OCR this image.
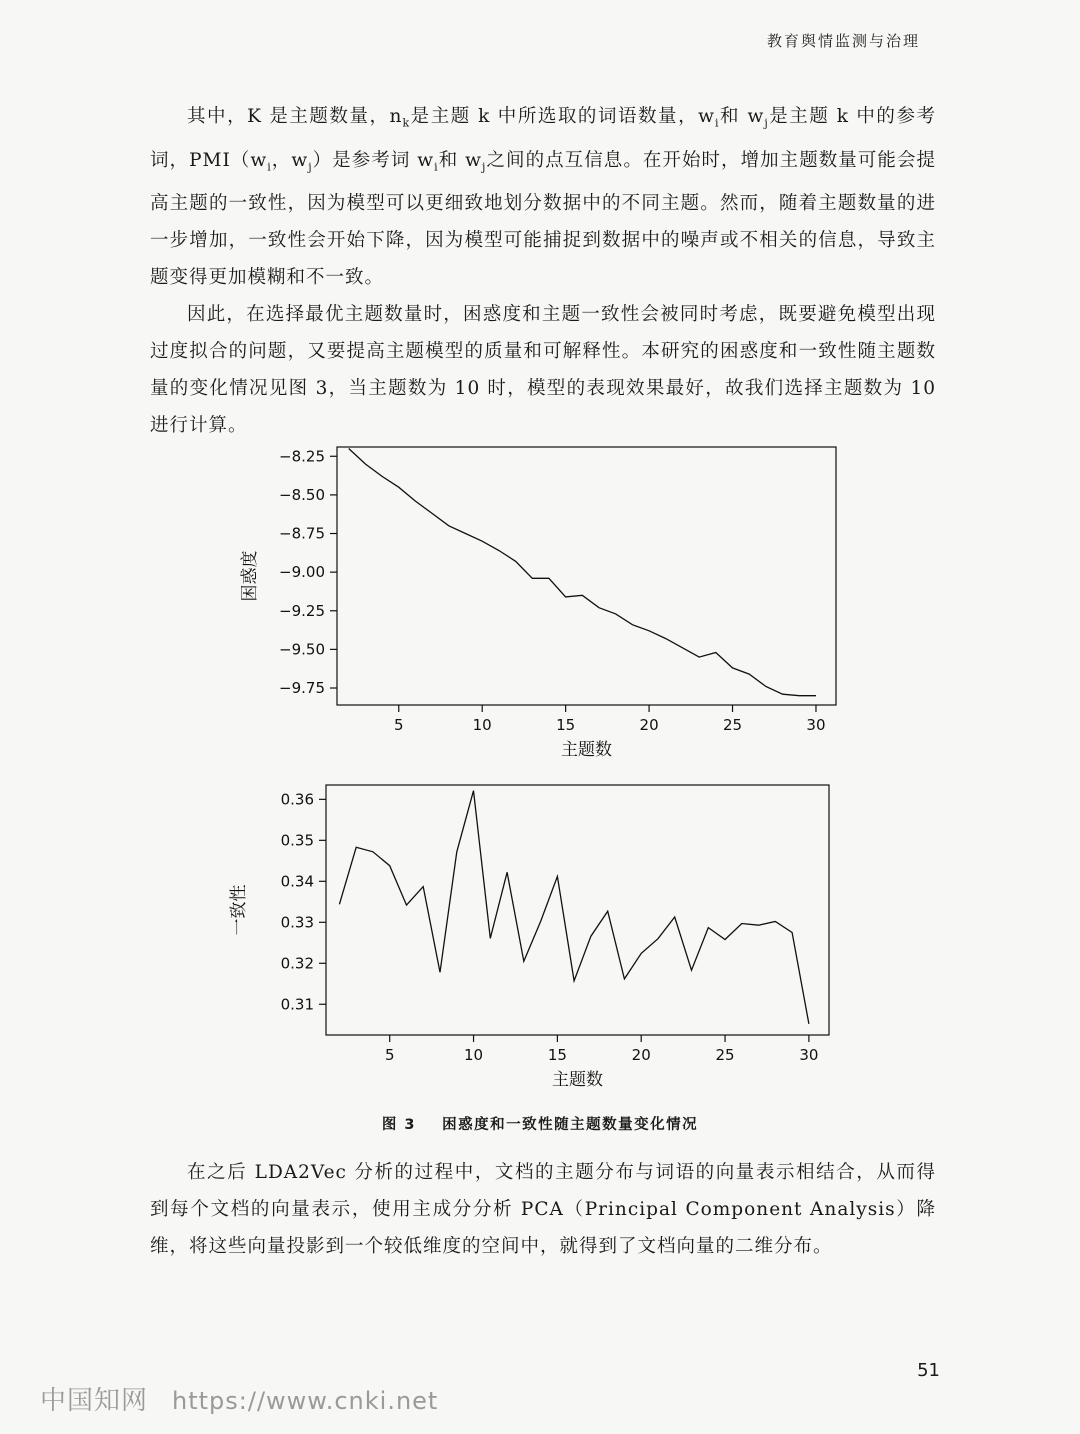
教育舆情监测与治理

其中，K 是主题数量，$n_k$是主题 k 中所选取的词语数量，$w_i$和 $w_j$是主题 k 中的参考词，$PMI(w_i$，$w_j$）是参考词 $w_i$和 $w_j$之间的点互信息。在开始时，增加主题数量可能会提高主题的一致性，因为模型可以更细致地划分数据中的不同主题。然而，随着主题数量的进一步增加，一致性会开始下降，因为模型可能捕捉到数据中的噪声或不相关的信息，导致主题变得更加模糊和不一致。

因此，在选择最优主题数量时，困惑度和主题一致性会被同时考虑，既要避免模型出现过度拟合的问题，又要提高主题模型的质量和可解释性。本研究的困惑度和一致性随主题数量的变化情况见图 3，当主题数为 10 时，模型的表现效果最好，故我们选择主题数为 10 进行计算。

−8.25
−8.50
−8.75
−9.00
−9.25
−9.50
−9.75
5	10	15	20	25	30
主题数
困惑度
0.31
0.32
0.33
0.34
0.35
0.36
5	10	15	20	25	30
主题数
一致性
图 3 困惑度和一致性随主题数量变化情况

在之后 LDA2Vec 分析的过程中，文档的主题分布与词语的向量表示相结合，从而得到每个文档的向量表示，使用主成分分析 PCA（Principal Component Analysis）降维，将这些向量投影到一个较低维度的空间中，就得到了文档向量的二维分布。

51
中国知网 https://www.cnki.net
